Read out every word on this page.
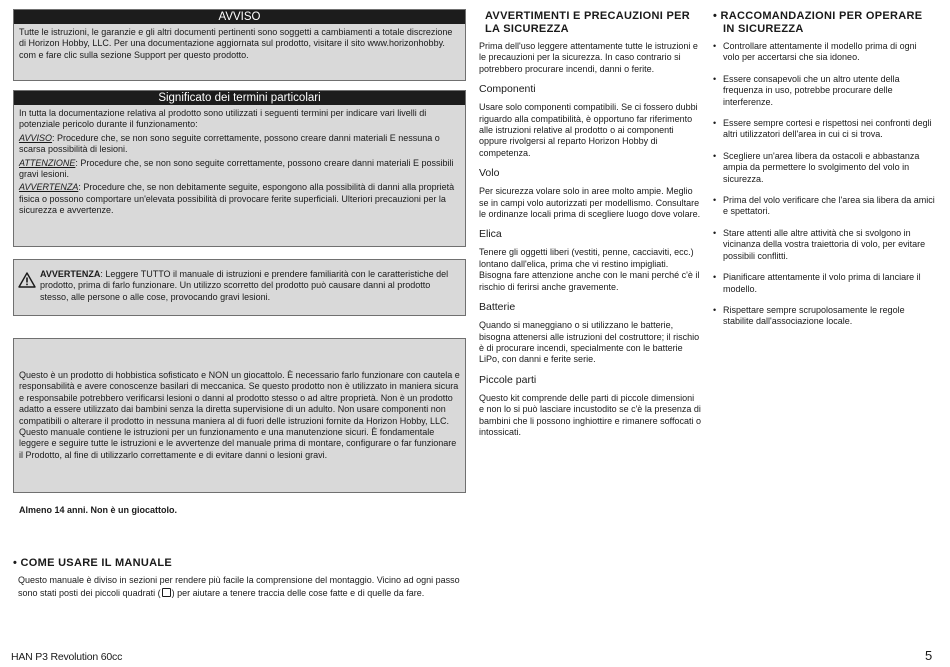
AVVISO
Tutte le istruzioni, le garanzie e gli altri documenti pertinenti sono soggetti a cambiamenti a totale discrezione di Horizon Hobby, LLC. Per una documentazione aggiornata sul prodotto, visitare il sito www.horizonhobby. com e fare clic sulla sezione Support per questo prodotto.
Significato dei termini particolari

In tutta la documentazione relativa al prodotto sono utilizzati i seguenti termini per indicare vari livelli di potenziale pericolo durante il funzionamento:

AVVISO: Procedure che, se non sono seguite correttamente, possono creare danni materiali E nessuna o scarsa possibilità di lesioni.

ATTENZIONE: Procedure che, se non sono seguite correttamente, possono creare danni materiali E possibili gravi lesioni.

AVVERTENZA: Procedure che, se non debitamente seguite, espongono alla possibilità di danni alla proprietà fisica o possono comportare un'elevata possibilità di provocare ferite superficiali. Ulteriori precauzioni per la sicurezza e avvertenze.

AVVERTENZA: Leggere TUTTO il manuale di istruzioni e prendere familiarità con le caratteristiche del prodotto, prima di farlo funzionare. Un utilizzo scorretto del prodotto può causare danni al prodotto stesso, alle persone o alle cose, provocando gravi lesioni.
Questo è un prodotto di hobbistica sofisticato e NON un giocattolo. È necessario farlo funzionare con cautela e responsabilità e avere conoscenze basilari di meccanica. Se questo prodotto non è utilizzato in maniera sicura e responsabile potrebbero verificarsi lesioni o danni al prodotto stesso o ad altre proprietà. Non è un prodotto adatto a essere utilizzato dai bambini senza la diretta supervisione di un adulto. Non usare componenti non compatibili o alterare il prodotto in nessuna maniera al di fuori delle istruzioni fornite da Horizon Hobby, LLC. Questo manuale contiene le istruzioni per un funzionamento e una manutenzione sicuri. È fondamentale leggere e seguire tutte le istruzioni e le avvertenze del manuale prima di montare, configurare o far funzionare il Prodotto, al fine di utilizzarlo correttamente e di evitare danni o lesioni gravi.
Almeno 14 anni. Non è un giocattolo.
• COME USARE IL MANUALE

Questo manuale è diviso in sezioni per rendere più facile la comprensione del montaggio. Vicino ad ogni passo sono stati posti dei piccoli quadrati ( ) per aiutare a tenere traccia delle cose fatte e di quelle da fare.

AVVERTIMENTI E PRECAUZIONI PER LA SICUREZZA

Prima dell'uso leggere attentamente tutte le istruzioni e le precauzioni per la sicurezza. In caso contrario si potrebbero procurare incendi, danni o ferite.

Componenti

Usare solo componenti compatibili. Se ci fossero dubbi riguardo alla compatibilità, è opportuno far riferimento alle istruzioni relative al prodotto o ai componenti oppure rivolgersi al reparto Horizon Hobby di competenza.

Volo

Per sicurezza volare solo in aree molto ampie. Meglio se in campi volo autorizzati per modellismo. Consultare le ordinanze locali prima di scegliere luogo dove volare.

Elica

Tenere gli oggetti liberi (vestiti, penne, cacciaviti, ecc.) lontano dall'elica, prima che vi restino impigliati. Bisogna fare attenzione anche con le mani perché c'è il rischio di ferirsi anche gravemente.

Batterie

Quando si maneggiano o si utilizzano le batterie, bisogna attenersi alle istruzioni del costruttore; il rischio è di procurare incendi, specialmente con le batterie LiPo, con danni e ferite serie.

Piccole parti

Questo kit comprende delle parti di piccole dimensioni e non lo si può lasciare incustodito se c'è la presenza di bambini che li possono inghiottire e rimanere soffocati o intossicati.

• RACCOMANDAZIONI PER OPERARE IN SICUREZZA
• Controllare attentamente il modello prima di ogni volo per accertarsi che sia idoneo.
• Essere consapevoli che un altro utente della frequenza in uso, potrebbe procurare delle interferenze.
• Essere sempre cortesi e rispettosi nei confronti degli altri utilizzatori dell'area in cui ci si trova.
• Scegliere un'area libera da ostacoli e abbastanza ampia da permettere lo svolgimento del volo in sicurezza.
• Prima del volo verificare che l'area sia libera da amici e spettatori.
• Stare attenti alle altre attività che si svolgono in vicinanza della vostra traiettoria di volo, per evitare possibili conflitti.
• Pianificare attentamente il volo prima di lanciare il modello.
• Rispettare sempre scrupolosamente le regole stabilite dall'associazione locale.
HAN P3 Revolution 60cc	5
